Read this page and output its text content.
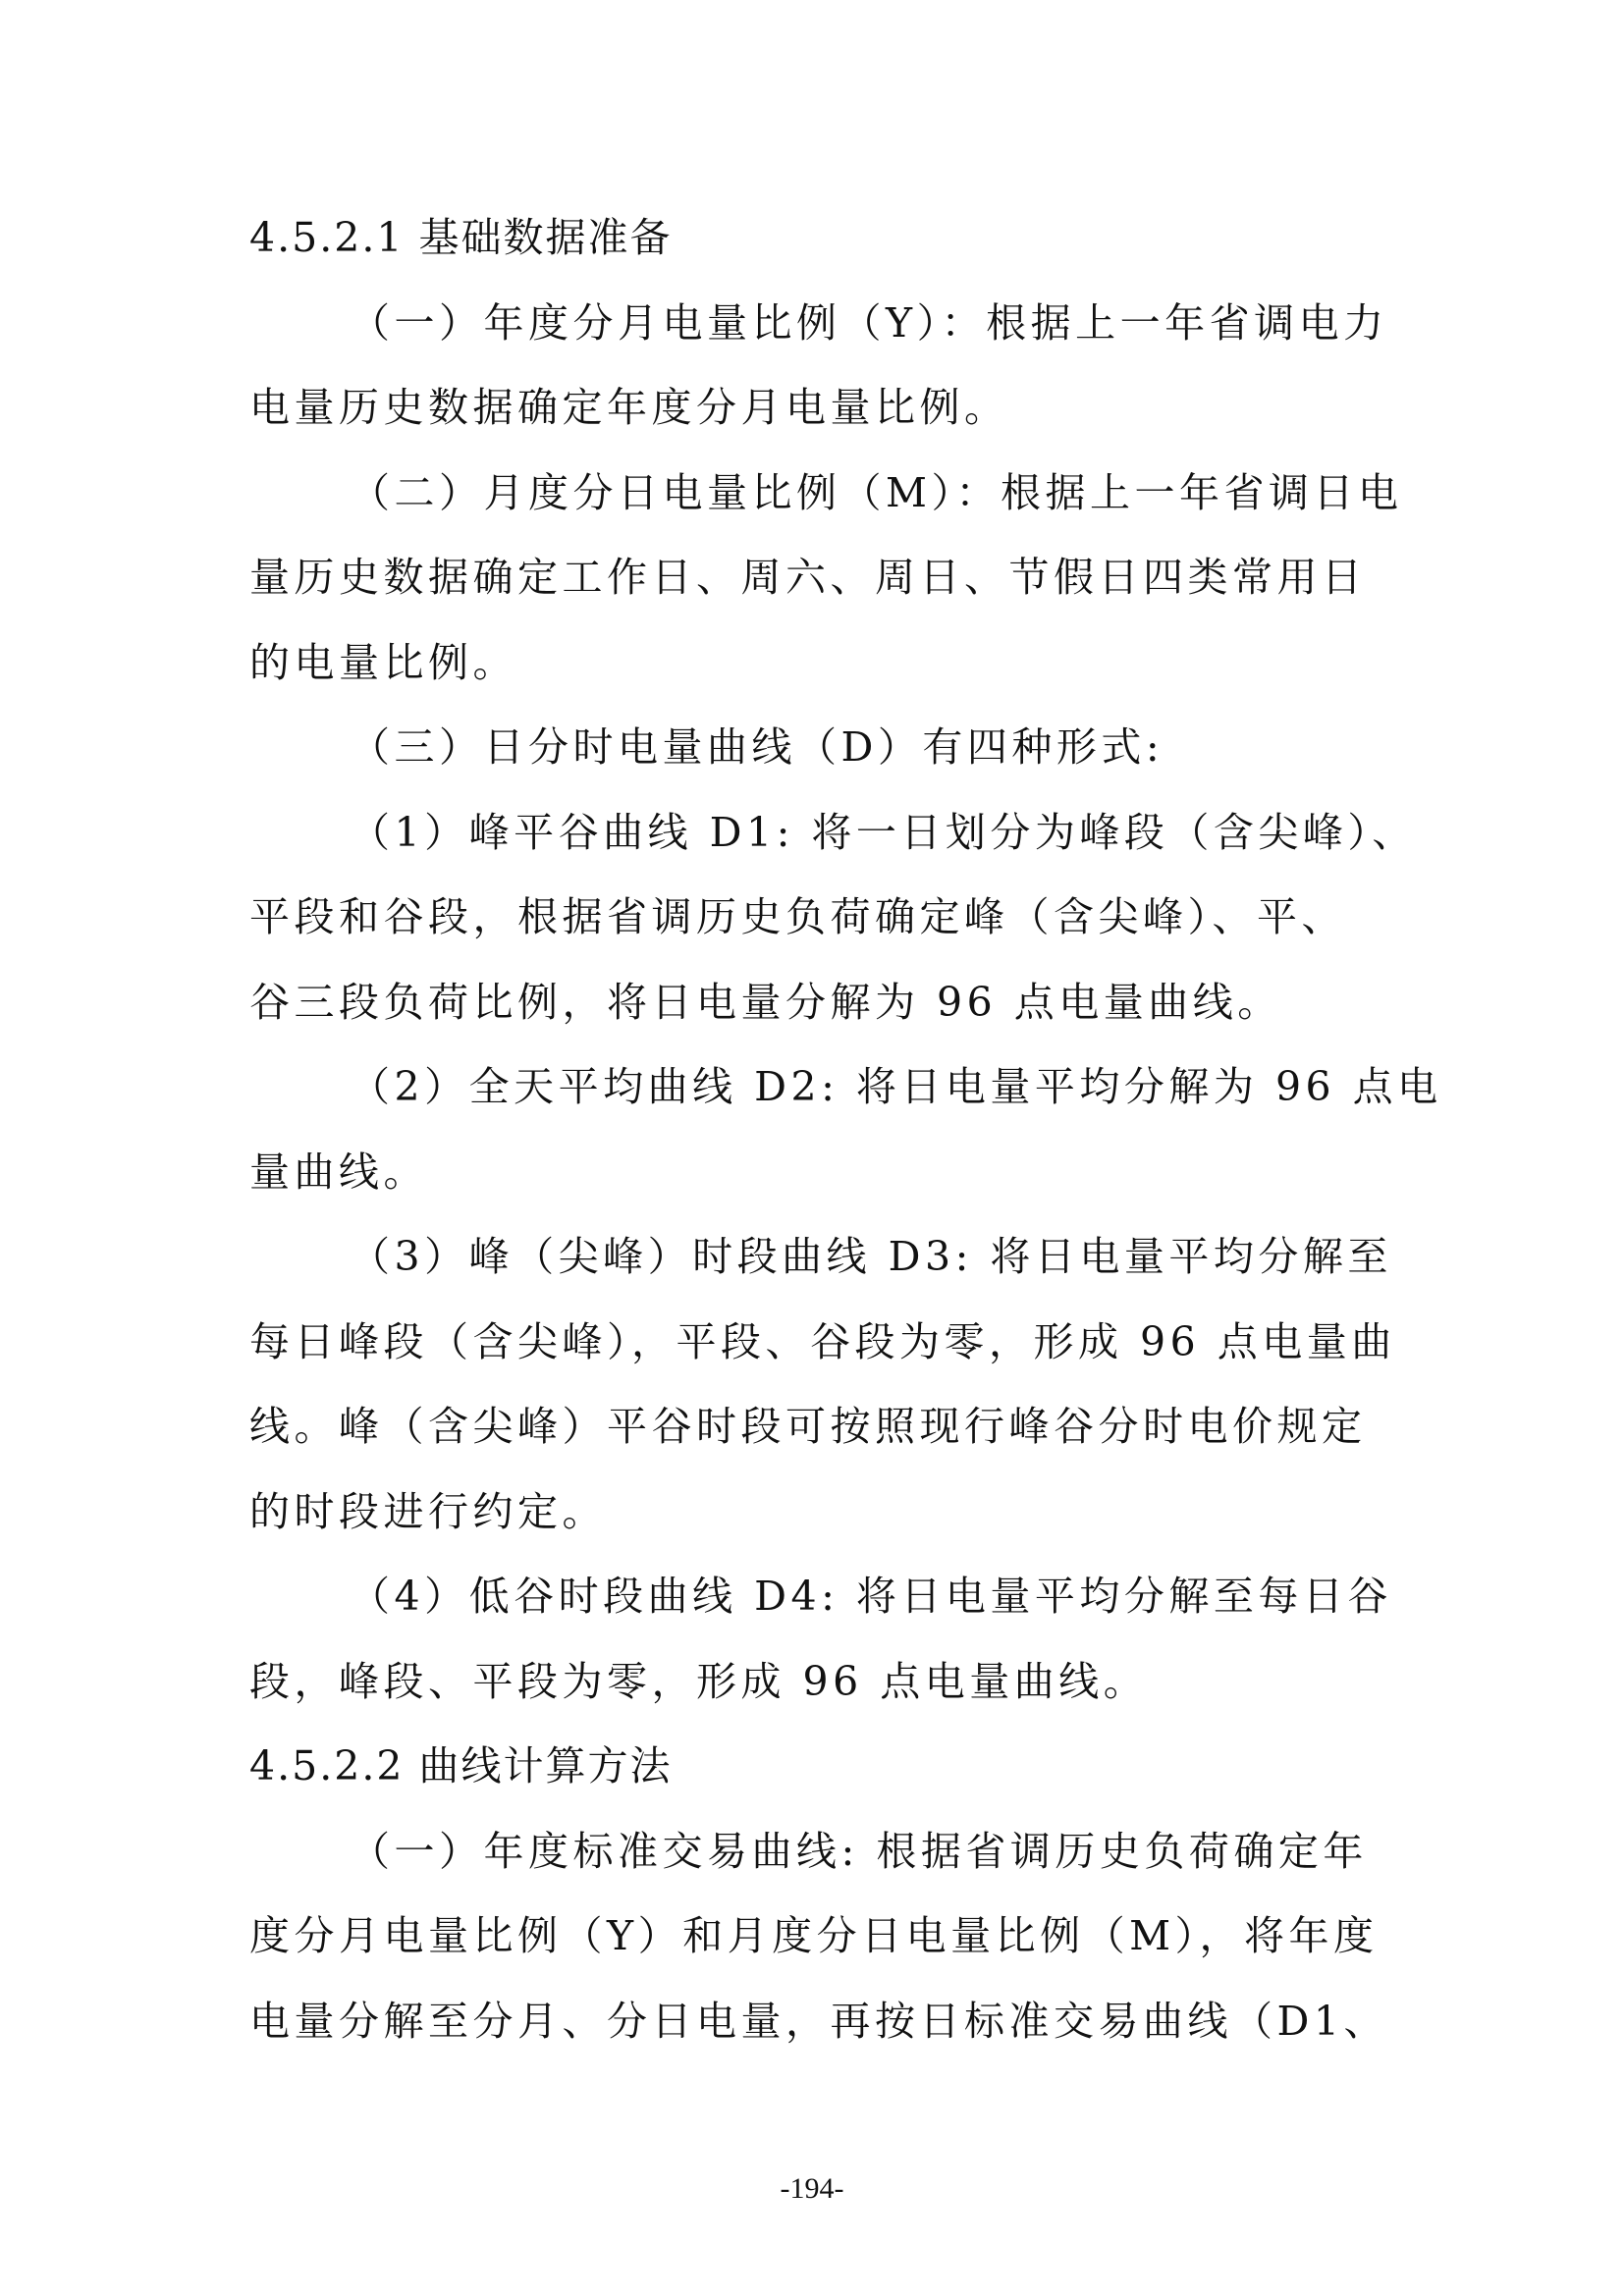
4.5.2.1 基础数据准备
（一）年度分月电量比例（Y）：根据上一年省调电力
电量历史数据确定年度分月电量比例。
（二）月度分日电量比例（M）：根据上一年省调日电
量历史数据确定工作日、周六、周日、节假日四类常用日
的电量比例。
（三）日分时电量曲线（D）有四种形式:
（1）峰平谷曲线 D1: 将一日划分为峰段（含尖峰）、
平段和谷段，根据省调历史负荷确定峰（含尖峰）、平、
谷三段负荷比例，将日电量分解为 96 点电量曲线。
（2）全天平均曲线 D2: 将日电量平均分解为 96 点电
量曲线。
（3）峰（尖峰）时段曲线 D3: 将日电量平均分解至
每日峰段（含尖峰），平段、谷段为零，形成 96 点电量曲
线。峰（含尖峰）平谷时段可按照现行峰谷分时电价规定
的时段进行约定。
（4）低谷时段曲线 D4: 将日电量平均分解至每日谷
段，峰段、平段为零，形成 96 点电量曲线。
4.5.2.2 曲线计算方法
（一）年度标准交易曲线: 根据省调历史负荷确定年
度分月电量比例（Y）和月度分日电量比例（M），将年度
电量分解至分月、分日电量，再按日标准交易曲线（D1、
-194-
